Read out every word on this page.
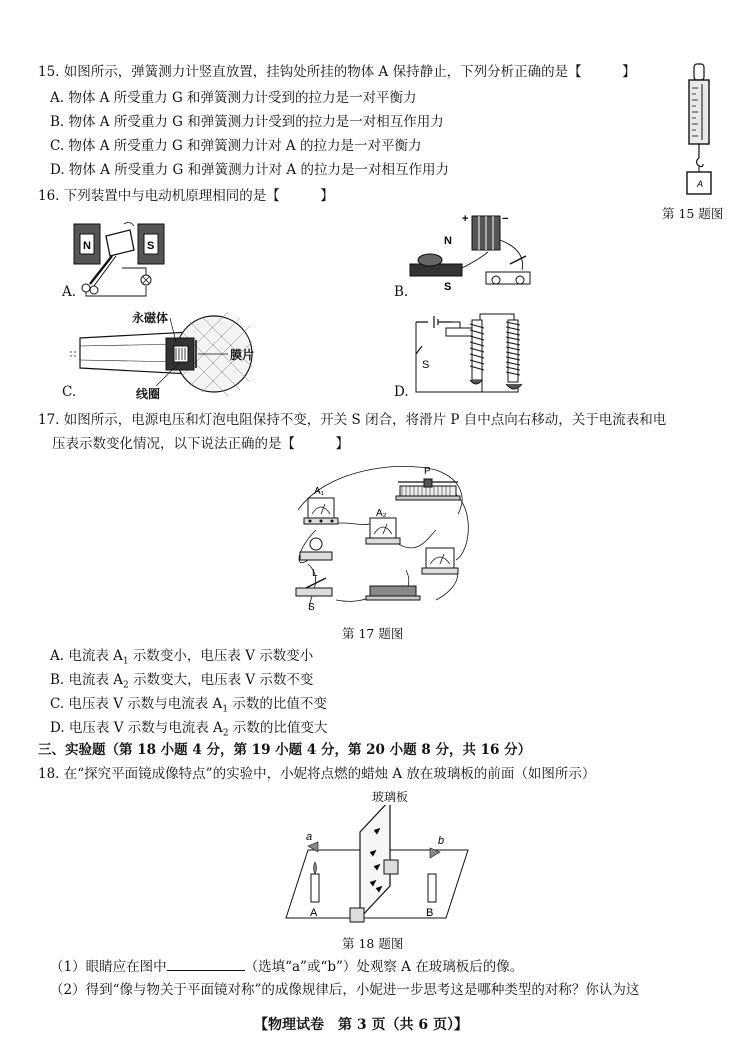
15. 如图所示，弹簧测力计竖直放置，挂钩处所挂的物体 A 保持静止，下列分析正确的是【　　　】
A. 物体 A 所受重力 G 和弹簧测力计受到的拉力是一对平衡力
B. 物体 A 所受重力 G 和弹簧测力计受到的拉力是一对相互作用力
C. 物体 A 所受重力 G 和弹簧测力计对 A 的拉力是一对平衡力
D. 物体 A 所受重力 G 和弹簧测力计对 A 的拉力是一对相互作用力
A
第 15 题图
16. 下列装置中与电动机原理相同的是【　　　】
N	S
A.
+	−
N
S
B.
永磁体
膜片
线圈
C.
S
D.
17. 如图所示，电源电压和灯泡电阻保持不变，开关 S 闭合，将滑片 P 自中点向右移动，关于电流表和电
压表示数变化情况，以下说法正确的是【　　　】
A₁
P
A₂
L
S
第 17 题图
A. 电流表 $A_1$ 示数变小，电压表 V 示数变小
B. 电流表 $A_2$ 示数变大，电压表 V 示数不变
C. 电压表 V 示数与电流表 $A_1$ 示数的比值不变
D. 电压表 V 示数与电流表 $A_2$ 示数的比值变大
三、实验题（第 18 小题 4 分，第 19 小题 4 分，第 20 小题 8 分，共 16 分）
18. 在“探究平面镜成像特点”的实验中，小妮将点燃的蜡烛 A 放在玻璃板的前面（如图所示）
A	B
a	b
玻璃板
第 18 题图
（1）眼睛应在图中	（选填“a”或“b”）处观察 A 在玻璃板后的像。
（2）得到“像与物关于平面镜对称”的成像规律后，小妮进一步思考这是哪种类型的对称？你认为这
【物理试卷　第 3 页（共 6 页）】
